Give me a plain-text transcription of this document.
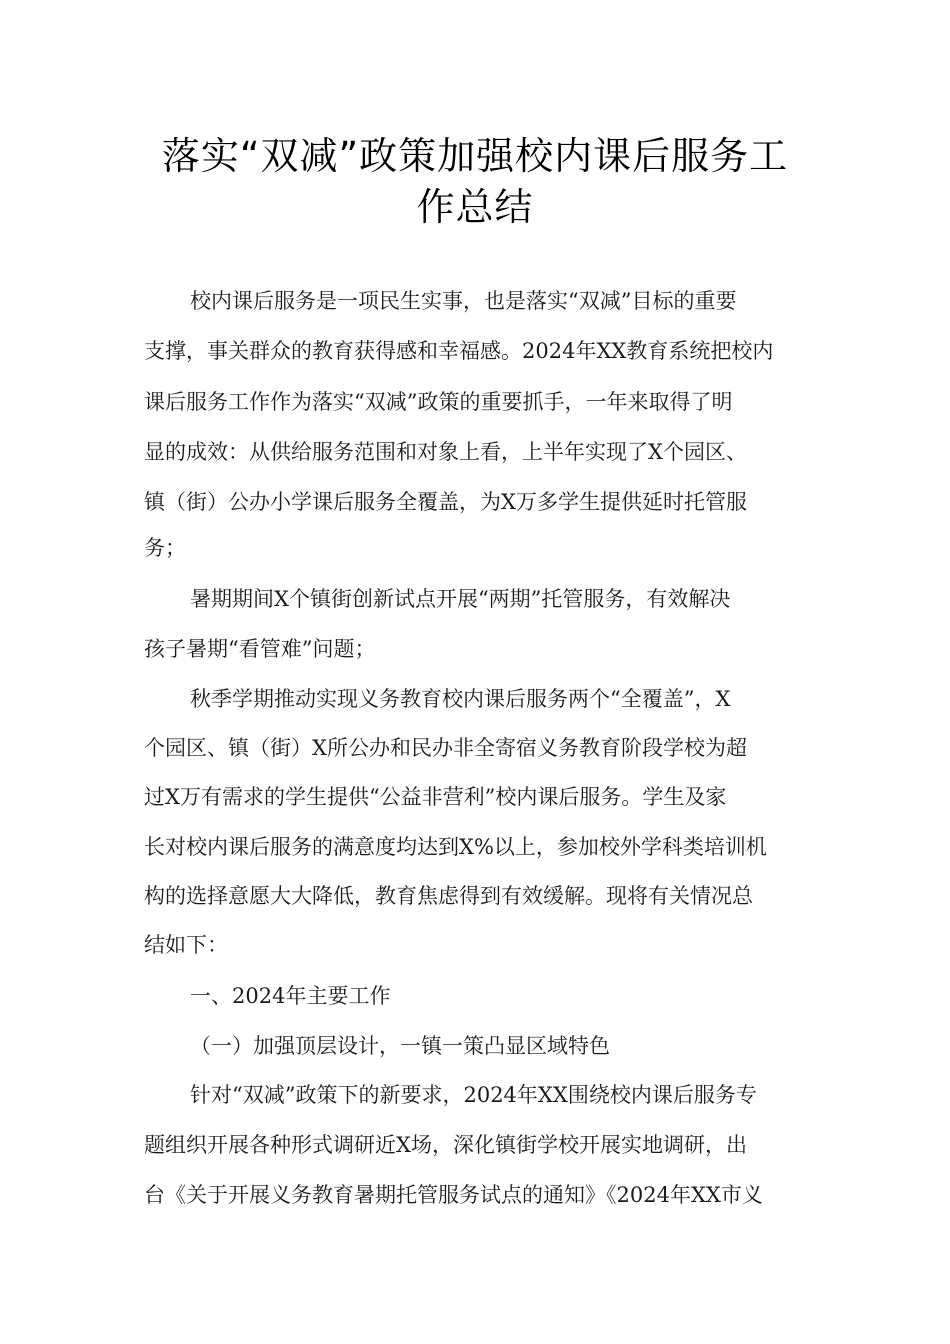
落实“双减”政策加强校内课后服务工
作总结
校内课后服务是一项民生实事，也是落实“双减”目标的重要
支撑，事关群众的教育获得感和幸福感。2024年XX教育系统把校内
课后服务工作作为落实“双减”政策的重要抓手，一年来取得了明
显的成效：从供给服务范围和对象上看，上半年实现了X个园区、
镇（街）公办小学课后服务全覆盖，为X万多学生提供延时托管服
务；
暑期期间X个镇街创新试点开展“两期”托管服务，有效解决
孩子暑期“看管难”问题；
秋季学期推动实现义务教育校内课后服务两个“全覆盖”，X
个园区、镇（街）X所公办和民办非全寄宿义务教育阶段学校为超
过X万有需求的学生提供“公益非营利”校内课后服务。学生及家
长对校内课后服务的满意度均达到X%以上，参加校外学科类培训机
构的选择意愿大大降低，教育焦虑得到有效缓解。现将有关情况总
结如下：
一、2024年主要工作
（一）加强顶层设计，一镇一策凸显区域特色
针对“双减”政策下的新要求，2024年XX围绕校内课后服务专
题组织开展各种形式调研近X场，深化镇街学校开展实地调研，出
台《关于开展义务教育暑期托管服务试点的通知》《2024年XX市义
